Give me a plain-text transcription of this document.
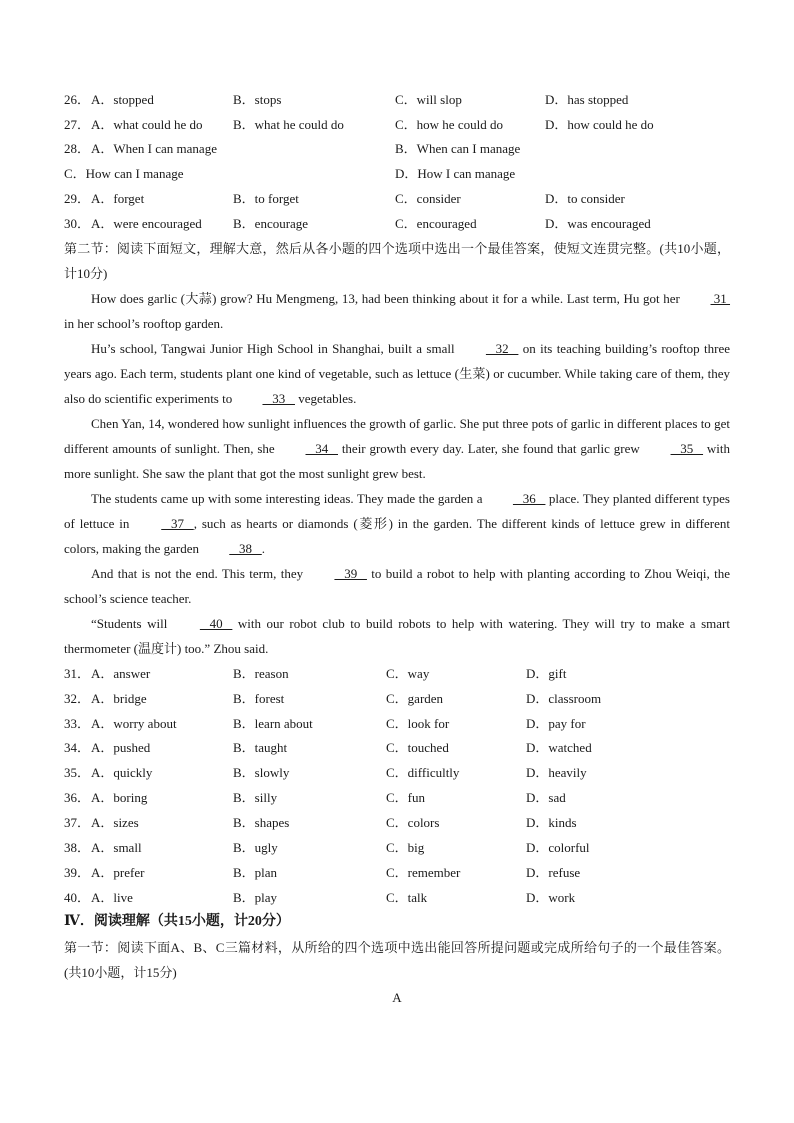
26． A．stopped	B．stops	C．will slop	D．has stopped
27． A．what could he do B．what he could do	C．how he could do	D．how could he do
28． A．When I can manage	B．When can I manage
C．How can I manage	D．How I can manage
29． A．forget	B．to forget	C．consider	D．to consider
30． A．were encouraged B．encourage	C．encouraged	D．was encouraged
第二节：阅读下面短文，理解大意，然后从各小题的四个选项中选出一个最佳答案，使短文连贯完整。(共10小题，计10分)
How does garlic (大蒜) grow? Hu Mengmeng, 13, had been thinking about it for a while. Last term, Hu got her  31  in her school’s rooftop garden.
Hu’s school, Tangwai Junior High School in Shanghai, built a small    32    on its teaching building’s rooftop three years ago. Each term, students plant one kind of vegetable, such as lettuce (生菜) or cucumber. While taking care of them, they also do scientific experiments to    33    vegetables.
Chen Yan, 14, wondered how sunlight influences the growth of garlic. She put three pots of garlic in different places to get different amounts of sunlight. Then, she    34    their growth every day. Later, she found that garlic grew    35    with more sunlight. She saw the plant that got the most sunlight grew best.
The students came up with some interesting ideas. They made the garden a    36    place. They planted different types of lettuce in    37   , such as hearts or diamonds (菱形) in the garden. The different kinds of lettuce grew in different colors, making the garden    38   .
And that is not the end. This term, they    39    to build a robot to help with planting according to Zhou Weiqi, the school’s science teacher.
“Students will    40    with our robot club to build robots to help with watering. They will try to make a smart thermometer (温度计) too.” Zhou said.
31． A．answer	B．reason	C．way	D．gift
32． A．bridge	B．forest	C．garden	D．classroom
33． A．worry about	B．learn about	C．look for	D．pay for
34． A．pushed	B．taught	C．touched	D．watched
35． A．quickly	B．slowly	C．difficultly	D．heavily
36． A．boring	B．silly	C．fun	D．sad
37． A．sizes	B．shapes	C．colors	D．kinds
38． A．small	B．ugly	C．big	D．colorful
39． A．prefer	B．plan	C．remember	D．refuse
40． A．live	B．play	C．talk	D．work
Ⅳ．阅读理解（共15小题，计20分）
第一节：阅读下面A、B、C三篇材料，从所给的四个选项中选出能回答所提问题或完成所给句子的一个最佳答案。(共10小题，计15分)
A
